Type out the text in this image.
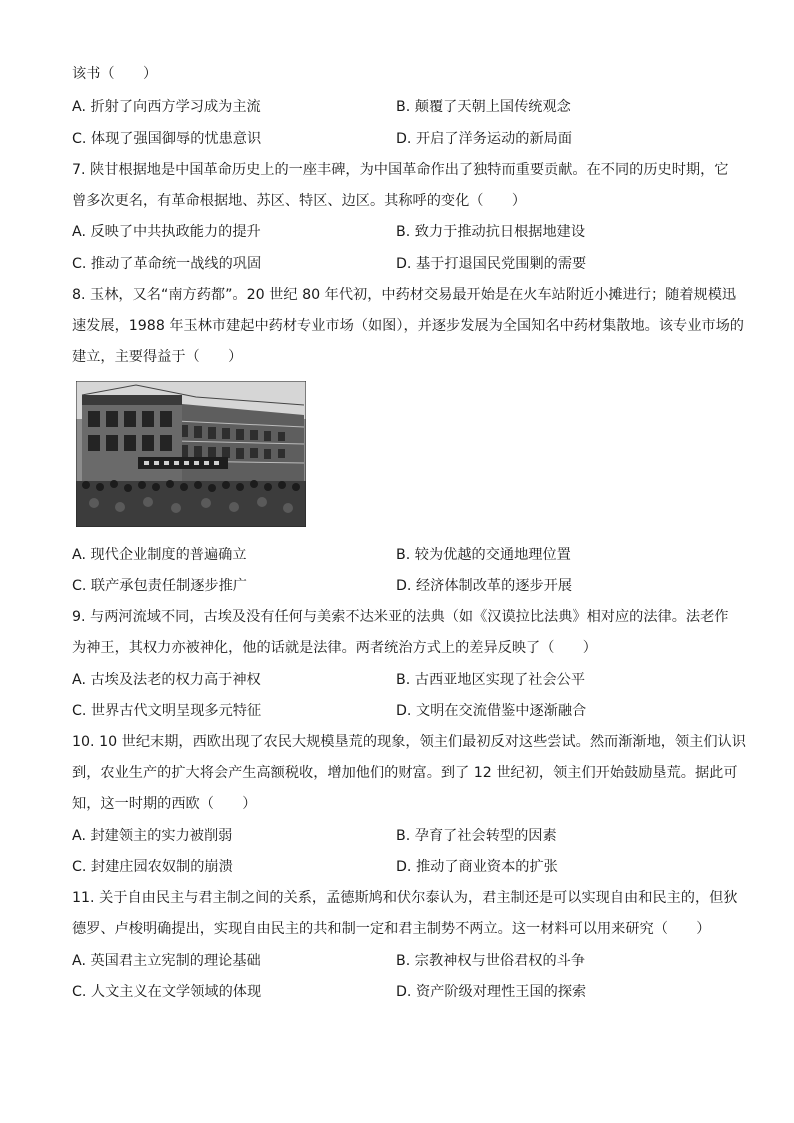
该书（　　）
A. 折射了向西方学习成为主流	B. 颠覆了天朝上国传统观念
C. 体现了强国御辱的忧患意识	D. 开启了洋务运动的新局面
7. 陕甘根据地是中国革命历史上的一座丰碑，为中国革命作出了独特而重要贡献。在不同的历史时期，它
曾多次更名，有革命根据地、苏区、特区、边区。其称呼的变化（　　）
A. 反映了中共执政能力的提升	B. 致力于推动抗日根据地建设
C. 推动了革命统一战线的巩固	D. 基于打退国民党围剿的需要
8. 玉林，又名“南方药都”。20 世纪 80 年代初，中药材交易最开始是在火车站附近小摊进行；随着规模迅
速发展，1988 年玉林市建起中药材专业市场（如图），并逐步发展为全国知名中药材集散地。该专业市场的
建立，主要得益于（　　）
A. 现代企业制度的普遍确立	B. 较为优越的交通地理位置
C. 联产承包责任制逐步推广	D. 经济体制改革的逐步开展
9. 与两河流域不同，古埃及没有任何与美索不达米亚的法典（如《汉谟拉比法典》相对应的法律。法老作
为神王，其权力亦被神化，他的话就是法律。两者统治方式上的差异反映了（　　）
A. 古埃及法老的权力高于神权	B. 古西亚地区实现了社会公平
C. 世界古代文明呈现多元特征	D. 文明在交流借鉴中逐渐融合
10. 10 世纪末期，西欧出现了农民大规模垦荒的现象，领主们最初反对这些尝试。然而渐渐地，领主们认识
到，农业生产的扩大将会产生高额税收，增加他们的财富。到了 12 世纪初，领主们开始鼓励垦荒。据此可
知，这一时期的西欧（　　）
A. 封建领主的实力被削弱	B. 孕育了社会转型的因素
C. 封建庄园农奴制的崩溃	D. 推动了商业资本的扩张
11. 关于自由民主与君主制之间的关系，孟德斯鸠和伏尔泰认为，君主制还是可以实现自由和民主的，但狄
德罗、卢梭明确提出，实现自由民主的共和制一定和君主制势不两立。这一材料可以用来研究（　　）
A. 英国君主立宪制的理论基础	B. 宗教神权与世俗君权的斗争
C. 人文主义在文学领域的体现	D. 资产阶级对理性王国的探索
